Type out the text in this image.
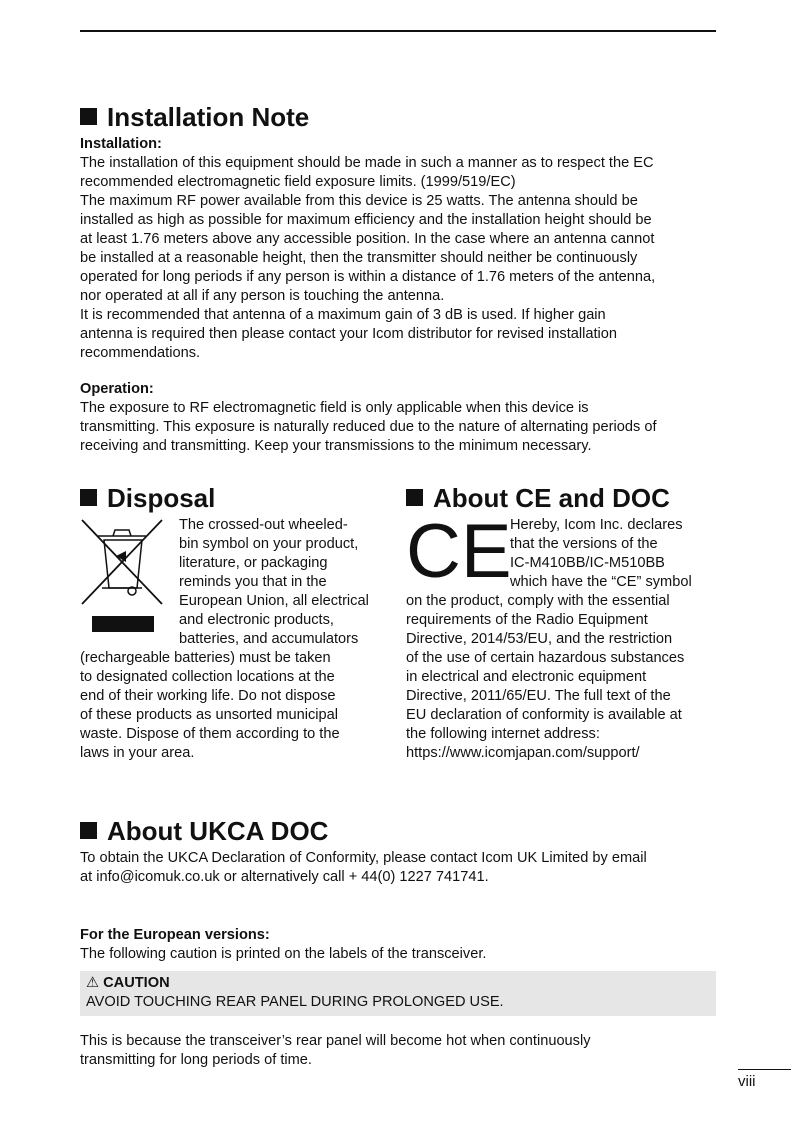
Installation Note
Installation:
The installation of this equipment should be made in such a manner as to respect the EC
recommended electromagnetic field exposure limits. (1999/519/EC)
The maximum RF power available from this device is 25 watts. The antenna should be
installed as high as possible for maximum efficiency and the installation height should be
at least 1.76 meters above any accessible position. In the case where an antenna cannot
be installed at a reasonable height, then the transmitter should neither be continuously
operated for long periods if any person is within a distance of 1.76 meters of the antenna,
nor operated at all if any person is touching the antenna.
It is recommended that antenna of a maximum gain of 3 dB is used. If higher gain
antenna is required then please contact your Icom distributor for revised installation
recommendations.
Operation:
The exposure to RF electromagnetic field is only applicable when this device is
transmitting. This exposure is naturally reduced due to the nature of alternating periods of
receiving and transmitting. Keep your transmissions to the minimum necessary.
Disposal
The crossed-out wheeled-
bin symbol on your product,
literature, or packaging
reminds you that in the
European Union, all electrical
and electronic products,
batteries, and accumulators
(rechargeable batteries) must be taken
to designated collection locations at the
end of their working life. Do not dispose
of these products as unsorted municipal
waste. Dispose of them according to the
laws in your area.
About CE and DOC
CE
Hereby, Icom Inc. declares
that the versions of the
IC-M410BB/IC-M510BB
which have the “CE” symbol
on the product, comply with the essential
requirements of the Radio Equipment
Directive, 2014/53/EU, and the restriction
of the use of certain hazardous substances
in electrical and electronic equipment
Directive, 2011/65/EU. The full text of the
EU declaration of conformity is available at
the following internet address:
https://www.icomjapan.com/support/
About UKCA DOC
To obtain the UKCA Declaration of Conformity, please contact Icom UK Limited by email
at info@icomuk.co.uk or alternatively call + 44(0) 1227 741741.
For the European versions:
The following caution is printed on the labels of the transceiver.
⚠ CAUTION
AVOID TOUCHING REAR PANEL DURING PROLONGED USE.
This is because the transceiver’s rear panel will become hot when continuously
transmitting for long periods of time.
viii
